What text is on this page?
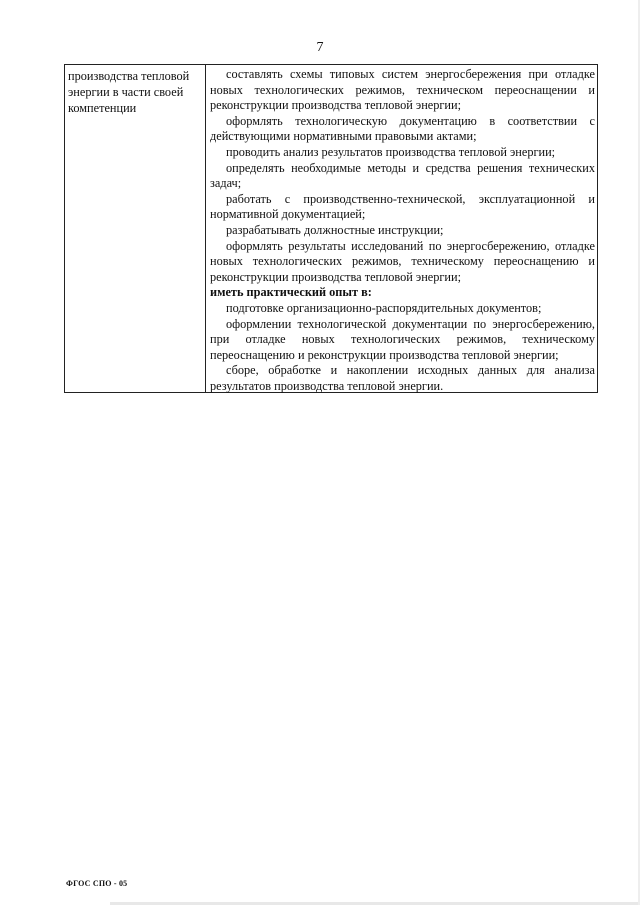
7
производства тепловой энергии в части своей компетенции

составлять схемы типовых систем энергосбережения при отладке новых технологических режимов, техническом переоснащении и реконструкции производства тепловой энергии;

оформлять технологическую документацию в соответствии с действующими нормативными правовыми актами;

проводить анализ результатов производства тепловой энергии;

определять необходимые методы и средства решения технических задач;

работать с производственно-технической, эксплуатационной и нормативной документацией;

разрабатывать должностные инструкции;

оформлять результаты исследований по энергосбережению, отладке новых технологических режимов, техническому переоснащению и реконструкции производства тепловой энергии;

иметь практический опыт в:

подготовке организационно-распорядительных документов;

оформлении технологической документации по энергосбережению, при отладке новых технологических режимов, техническому переоснащению и реконструкции производства тепловой энергии;

сборе, обработке и накоплении исходных данных для анализа результатов производства тепловой энергии.

ФГОС СПО - 05
